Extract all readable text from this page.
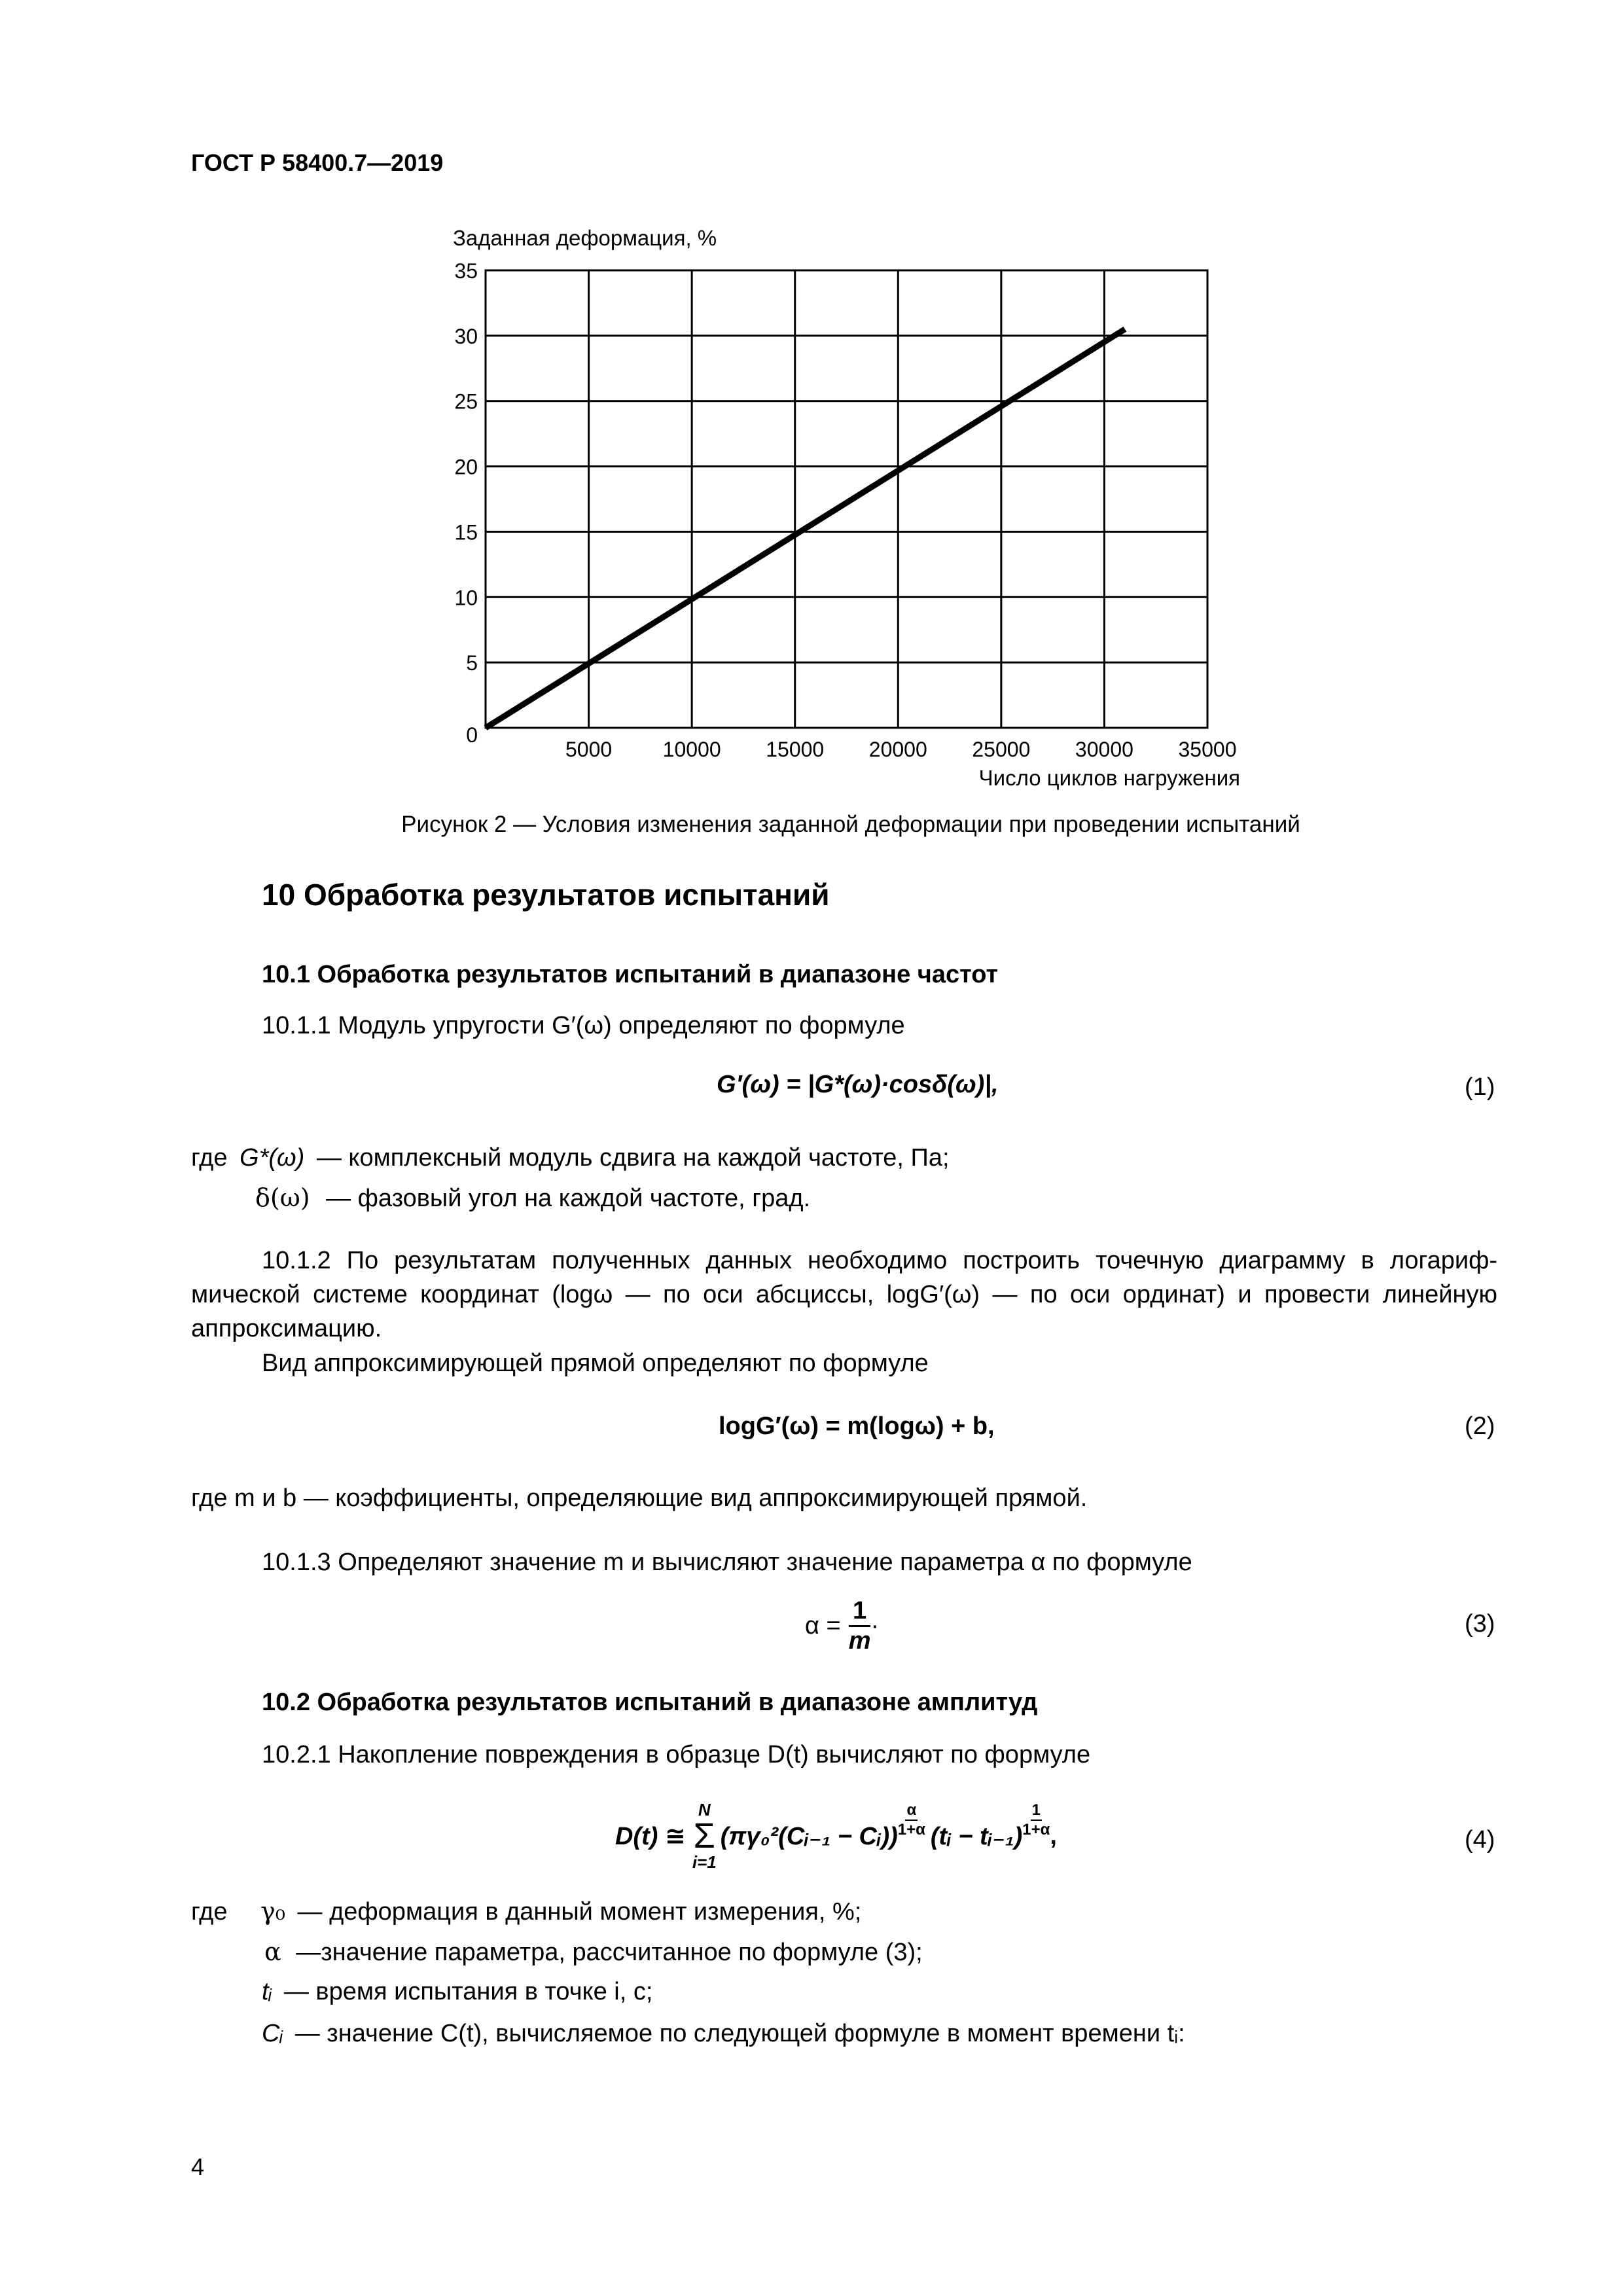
ГОСТ Р 58400.7—2019
5000 10000 15000 20000 25000 30000 35000
5
10
15
20
25
30
35
0
Заданная деформация, %
Число циклов нагружения
Рисунок 2 — Условия изменения заданной деформации при проведении испытаний
10 Обработка результатов испытаний
10.1 Обработка результатов испытаний в диапазоне частот
10.1.1 Модуль упругости G′(ω) определяют по формуле
G′(ω) = |G*(ω)·cosδ(ω)|,	(1)
где G*(ω) — комплексный модуль сдвига на каждой частоте, Па;
δ(ω) — фазовый угол на каждой частоте, град.
10.1.2 По результатам полученных данных необходимо построить точечную диаграмму в логарифмической системе координат (logω — по оси абсциссы, logG′(ω) — по оси ординат) и провести линейную аппроксимацию.
Вид аппроксимирующей прямой определяют по формуле
logG′(ω) = m(logω) + b,	(2)
где m и b — коэффициенты, определяющие вид аппроксимирующей прямой.
10.1.3 Определяют значение m и вычисляют значение параметра α по формуле
$\alpha = \frac{1}{m}$ ·	(3)
10.2 Обработка результатов испытаний в диапазоне амплитуд
10.2.1 Накопление повреждения в образце D(t) вычисляют по формуле
D(t) ≅
N
Σ
i=1
(πγ₀²(Cᵢ₋₁ − Cᵢ))
α
1+α (tᵢ − tᵢ₋₁)
1
1+α ,	(4)
где γ₀ — деформация в данный момент измерения, %;
α —значение параметра, рассчитанное по формуле (3);
tᵢ — время испытания в точке i, с;
Cᵢ — значение C(t), вычисляемое по следующей формуле в момент времени tᵢ:
4
